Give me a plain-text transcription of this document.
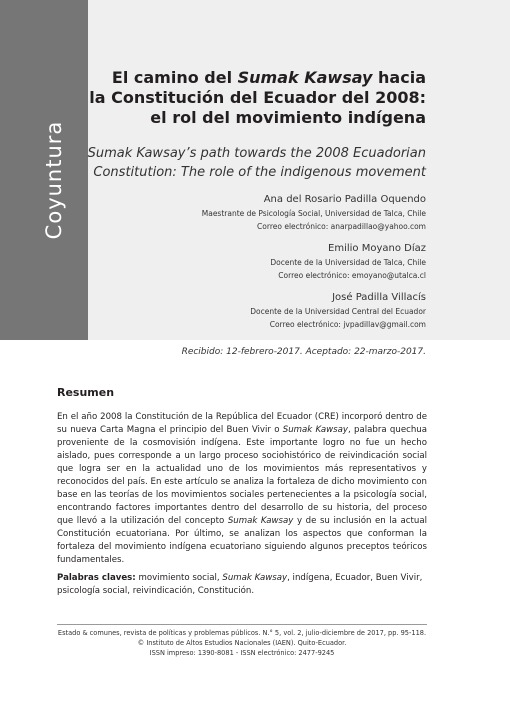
Coyuntura
El camino del Sumak Kawsay hacia
la Constitución del Ecuador del 2008:
el rol del movimiento indígena
Sumak Kawsay’s path towards the 2008 Ecuadorian
Constitution: The role of the indigenous movement
Ana del Rosario Padilla Oquendo
Maestrante de Psicología Social, Universidad de Talca, Chile
Correo electrónico: anarpadillao@yahoo.com
Emilio Moyano Díaz
Docente de la Universidad de Talca, Chile
Correo electrónico: emoyano@utalca.cl
José Padilla Villacís
Docente de la Universidad Central del Ecuador
Correo electrónico: jvpadillav@gmail.com
Recibido: 12-febrero-2017. Aceptado: 22-marzo-2017.
Resumen
En el año 2008 la Constitución de la República del Ecuador (CRE) incorporó dentro de su nueva Carta Magna el principio del Buen Vivir o Sumak Kawsay, palabra quechua proveniente de la cosmovisión indígena. Este importante logro no fue un hecho aislado, pues corresponde a un largo proceso sociohistórico de reivindicación social que logra ser en la actualidad uno de los movimientos más representativos y reconocidos del país. En este artículo se analiza la fortaleza de dicho movimiento con base en las teorías de los movimientos sociales pertenecientes a la psicología social, encontrando factores importantes dentro del desarrollo de su historia, del proceso que llevó a la utilización del concepto Sumak Kawsay y de su inclusión en la actual Constitución ecuatoriana. Por último, se analizan los aspectos que conforman la fortaleza del movimiento indígena ecuatoriano siguiendo algunos preceptos teóricos fundamentales.
Palabras claves: movimiento social, Sumak Kawsay, indígena, Ecuador, Buen Vivir, psicología social, reivindicación, Constitución.
Estado & comunes, revista de políticas y problemas públicos. N.° 5, vol. 2, julio-diciembre de 2017, pp. 95-118.
© Instituto de Altos Estudios Nacionales (IAEN). Quito-Ecuador.
ISSN impreso: 1390-8081 - ISSN electrónico: 2477-9245
